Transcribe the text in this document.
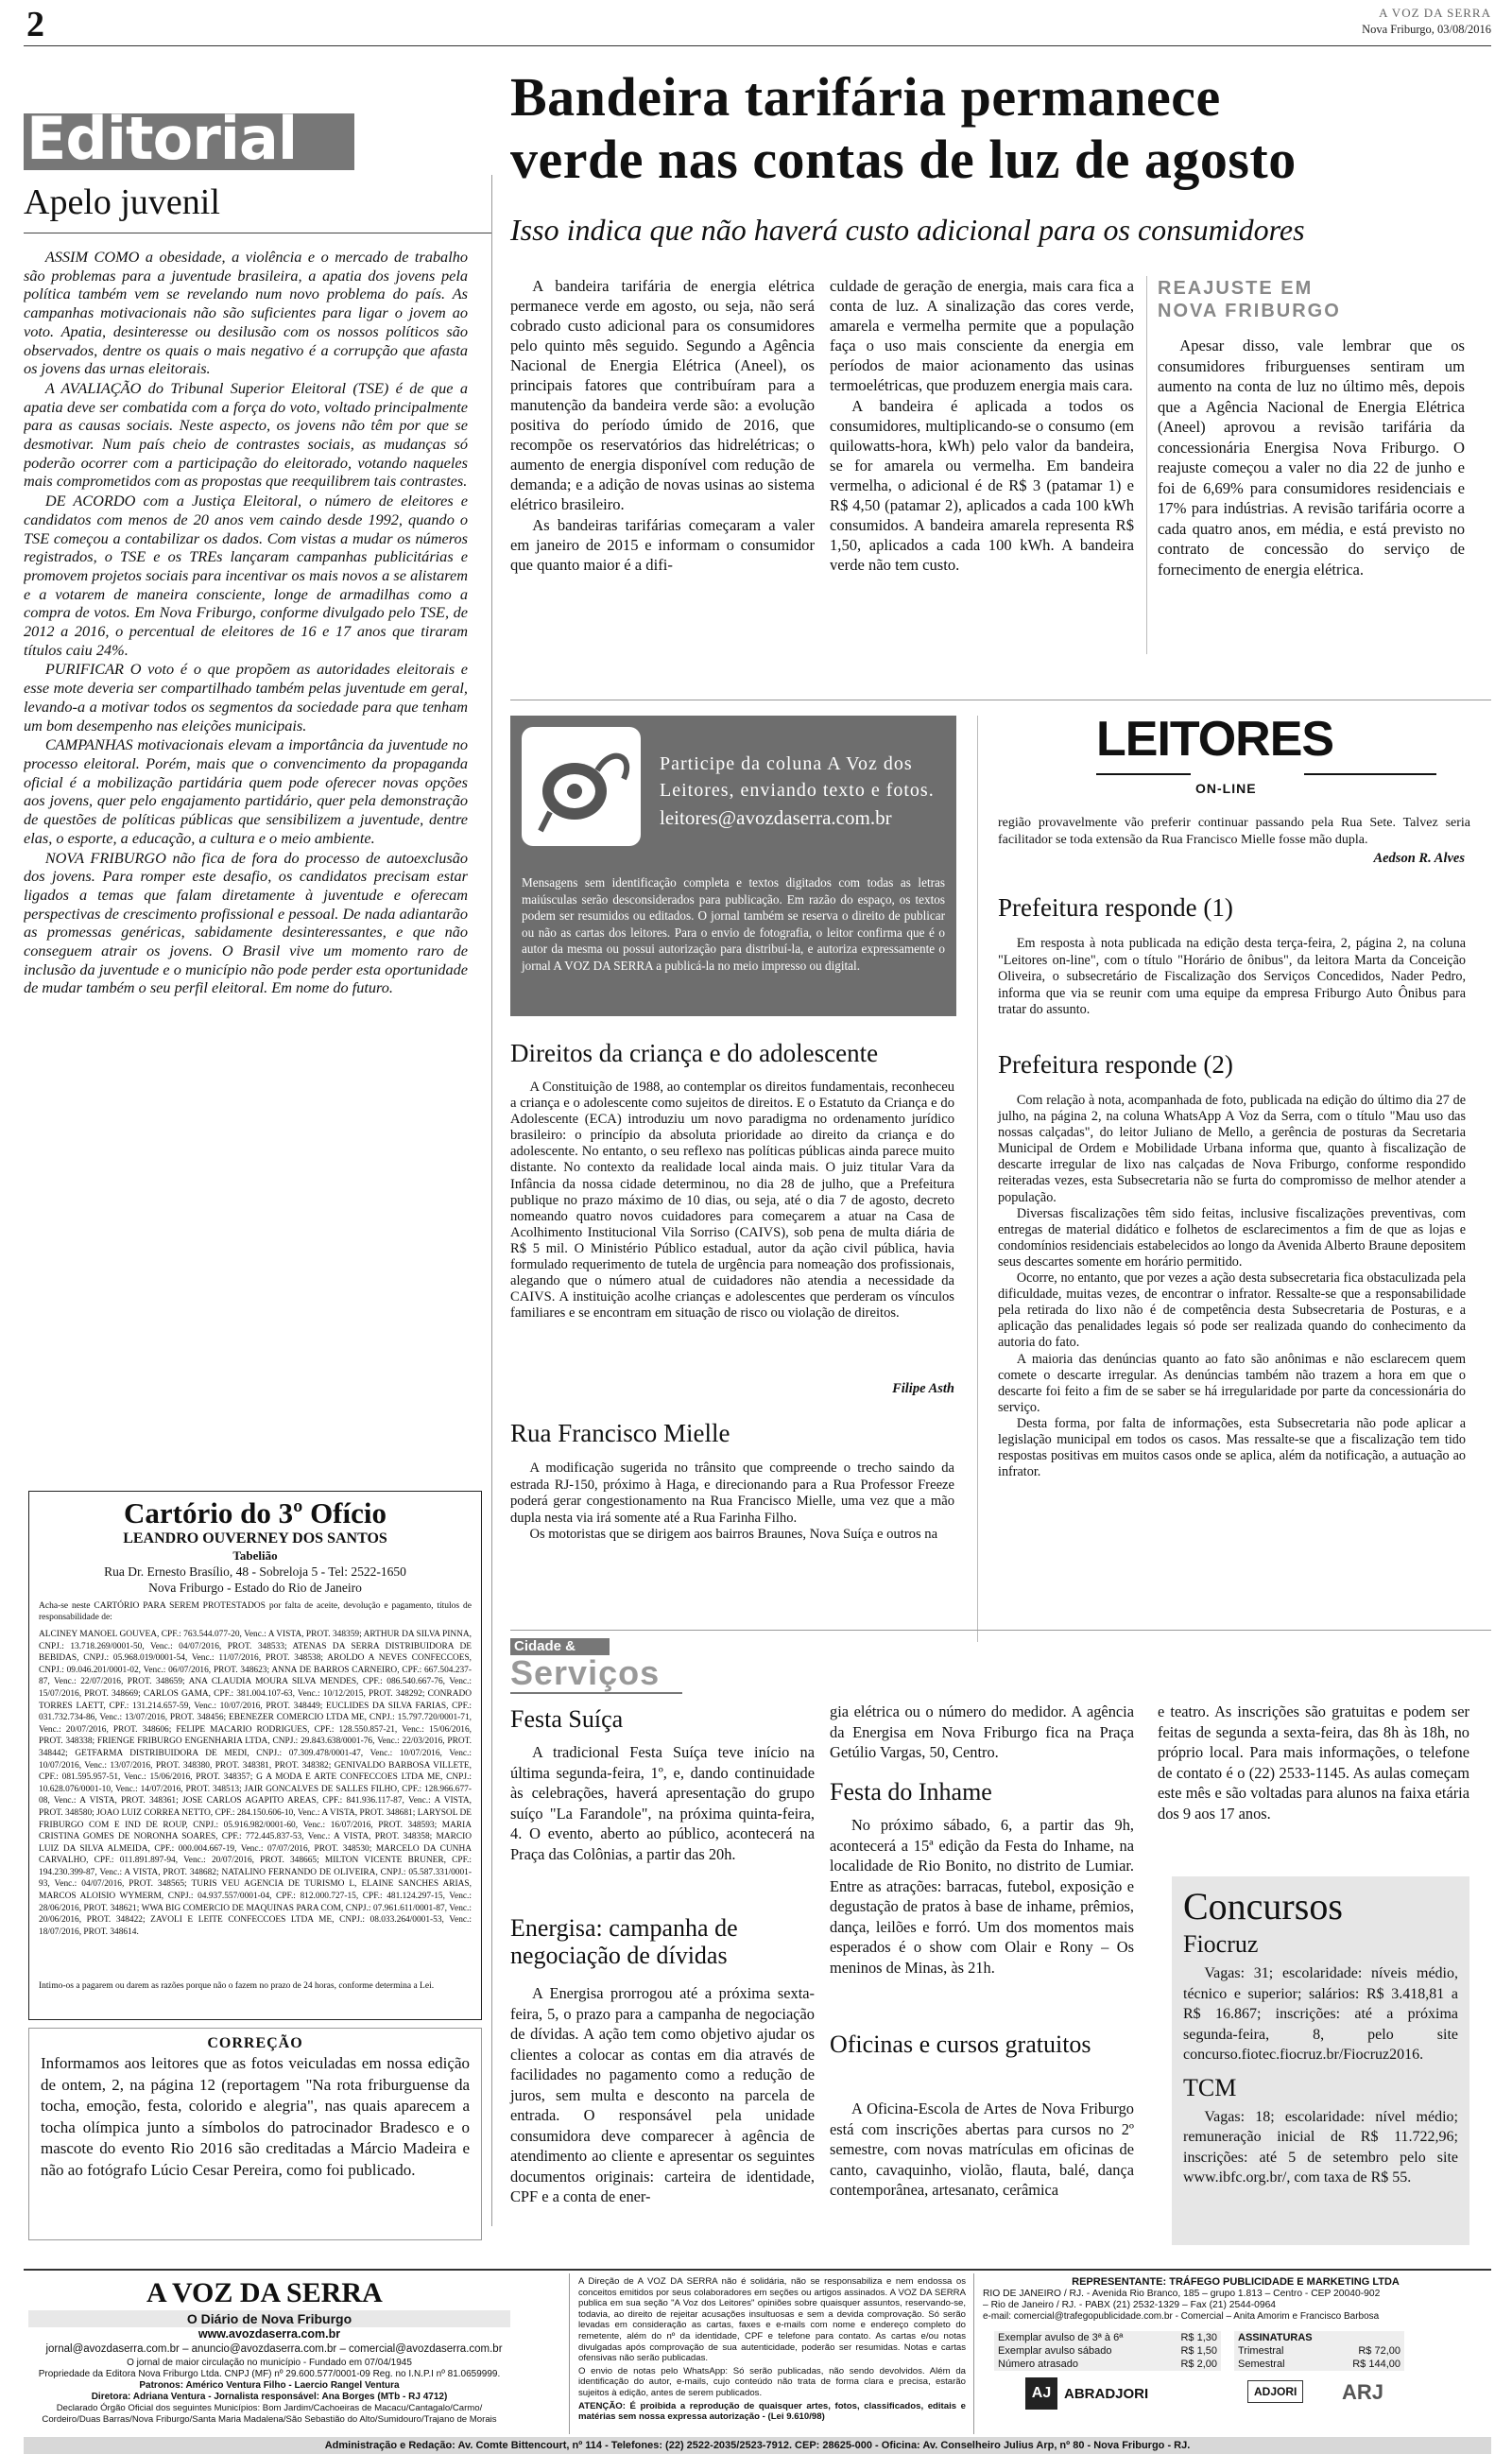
2	A VOZ DA SERRA
Nova Friburgo, 03/08/2016
Editorial
Apelo juvenil

ASSIM COMO a obesidade, a violência e o mercado de trabalho são problemas para a juventude brasileira, a apatia dos jovens pela política também vem se revelando num novo problema do país. As campanhas motivacionais não são suficientes para ligar o jovem ao voto. Apatia, desinteresse ou desilusão com os nossos políticos são observados, dentre os quais o mais negativo é a corrupção que afasta os jovens das urnas eleitorais.

A AVALIAÇÃO do Tribunal Superior Eleitoral (TSE) é de que a apatia deve ser combatida com a força do voto, voltado principalmente para as causas sociais. Neste aspecto, os jovens não têm por que se desmotivar. Num país cheio de contrastes sociais, as mudanças só poderão ocorrer com a participação do eleitorado, votando naqueles mais comprometidos com as propostas que reequilibrem tais contrastes.

DE ACORDO com a Justiça Eleitoral, o número de eleitores e candidatos com menos de 20 anos vem caindo desde 1992, quando o TSE começou a contabilizar os dados. Com vistas a mudar os números registrados, o TSE e os TREs lançaram campanhas publicitárias e promovem projetos sociais para incentivar os mais novos a se alistarem e a votarem de maneira consciente, longe de armadilhas como a compra de votos. Em Nova Friburgo, conforme divulgado pelo TSE, de 2012 a 2016, o percentual de eleitores de 16 e 17 anos que tiraram títulos caiu 24%.

PURIFICAR O voto é o que propõem as autoridades eleitorais e esse mote deveria ser compartilhado também pelas juventude em geral, levando-a a motivar todos os segmentos da sociedade para que tenham um bom desempenho nas eleições municipais.

CAMPANHAS motivacionais elevam a importância da juventude no processo eleitoral. Porém, mais que o convencimento da propaganda oficial é a mobilização partidária quem pode oferecer novas opções aos jovens, quer pelo engajamento partidário, quer pela demonstração de questões de políticas públicas que sensibilizem a juventude, dentre elas, o esporte, a educação, a cultura e o meio ambiente.

NOVA FRIBURGO não fica de fora do processo de autoexclusão dos jovens. Para romper este desafio, os candidatos precisam estar ligados a temas que falam diretamente à juventude e oferecam perspectivas de crescimento profissional e pessoal. De nada adiantarão as promessas genéricas, sabidamente desinteressantes, e que não conseguem atrair os jovens. O Brasil vive um momento raro de inclusão da juventude e o município não pode perder esta oportunidade de mudar também o seu perfil eleitoral. Em nome do futuro.

Cartório do 3º Ofício
LEANDRO OUVERNEY DOS SANTOS
Tabelião
Rua Dr. Ernesto Brasílio, 48 - Sobreloja 5 - Tel: 2522-1650
Nova Friburgo - Estado do Rio de Janeiro
Acha-se neste CARTÓRIO PARA SEREM PROTESTADOS por falta de aceite, devolução e pagamento, títulos de responsabilidade de:
ALCINEY MANOEL GOUVEA, CPF.: 763.544.077-20, Venc.: A VISTA, PROT. 348359; ARTHUR DA SILVA PINNA, CNPJ.: 13.718.269/0001-50, Venc.: 04/07/2016, PROT. 348533; ATENAS DA SERRA DISTRIBUIDORA DE BEBIDAS, CNPJ.: 05.968.019/0001-54, Venc.: 11/07/2016, PROT. 348538; AROLDO A NEVES CONFECCOES, CNPJ.: 09.046.201/0001-02, Venc.: 06/07/2016, PROT. 348623; ANNA DE BARROS CARNEIRO, CPF.: 667.504.237-87, Venc.: 22/07/2016, PROT. 348659; ANA CLAUDIA MOURA SILVA MENDES, CPF.: 086.540.667-76, Venc.: 15/07/2016, PROT. 348669; CARLOS GAMA, CPF.: 381.004.107-63, Venc.: 10/12/2015, PROT. 348292; CONRADO TORRES LAETT, CPF.: 131.214.657-59, Venc.: 10/07/2016, PROT. 348449; EUCLIDES DA SILVA FARIAS, CPF.: 031.732.734-86, Venc.: 13/07/2016, PROT. 348456; EBENEZER COMERCIO LTDA ME, CNPJ.: 15.797.720/0001-71, Venc.: 20/07/2016, PROT. 348606; FELIPE MACARIO RODRIGUES, CPF.: 128.550.857-21, Venc.: 15/06/2016, PROT. 348338; FRIENGE FRIBURGO ENGENHARIA LTDA, CNPJ.: 29.843.638/0001-76, Venc.: 22/03/2016, PROT. 348442; GETFARMA DISTRIBUIDORA DE MEDI, CNPJ.: 07.309.478/0001-47, Venc.: 10/07/2016, Venc.: 10/07/2016, Venc.: 13/07/2016, PROT. 348380, PROT. 348381, PROT. 348382; GENIVALDO BARBOSA VILLETE, CPF.: 081.595.957-51, Venc.: 15/06/2016, PROT. 348357; G A MODA E ARTE CONFECCOES LTDA ME, CNPJ.: 10.628.076/0001-10, Venc.: 14/07/2016, PROT. 348513; JAIR GONCALVES DE SALLES FILHO, CPF.: 128.966.677-08, Venc.: A VISTA, PROT. 348361; JOSE CARLOS AGAPITO AREAS, CPF.: 841.936.117-87, Venc.: A VISTA, PROT. 348580; JOAO LUIZ CORREA NETTO, CPF.: 284.150.606-10, Venc.: A VISTA, PROT. 348681; LARYSOL DE FRIBURGO COM E IND DE ROUP, CNPJ.: 05.916.982/0001-60, Venc.: 16/07/2016, PROT. 348593; MARIA CRISTINA GOMES DE NORONHA SOARES, CPF.: 772.445.837-53, Venc.: A VISTA, PROT. 348358; MARCIO LUIZ DA SILVA ALMEIDA, CPF.: 000.004.667-19, Venc.: 07/07/2016, PROT. 348530; MARCELO DA CUNHA CARVALHO, CPF.: 011.891.897-94, Venc.: 20/07/2016, PROT. 348665; MILTON VICENTE BRUNER, CPF.: 194.230.399-87, Venc.: A VISTA, PROT. 348682; NATALINO FERNANDO DE OLIVEIRA, CNPJ.: 05.587.331/0001-93, Venc.: 04/07/2016, PROT. 348565; TURIS VEU AGENCIA DE TURISMO L, ELAINE SANCHES ARIAS, MARCOS ALOISIO WYMERM, CNPJ.: 04.937.557/0001-04, CPF.: 812.000.727-15, CPF.: 481.124.297-15, Venc.: 28/06/2016, PROT. 348621; WWA BIG COMERCIO DE MAQUINAS PARA COM, CNPJ.: 07.961.611/0001-87, Venc.: 20/06/2016, PROT. 348422; ZAVOLI E LEITE CONFECCOES LTDA ME, CNPJ.: 08.033.264/0001-53, Venc.: 18/07/2016, PROT. 348614.
Intimo-os a pagarem ou darem as razões porque não o fazem no prazo de 24 horas, conforme determina a Lei.
CORREÇÃO
Informamos aos leitores que as fotos veiculadas em nossa edição de ontem, 2, na página 12 (reportagem "Na rota friburguense da tocha, emoção, festa, colorido e alegria", nas quais aparecem a tocha olímpica junto a símbolos do patrocinador Bradesco e o mascote do evento Rio 2016 são creditadas a Márcio Madeira e não ao fotógrafo Lúcio Cesar Pereira, como foi publicado.
Bandeira tarifária permanece
verde nas contas de luz de agosto
Isso indica que não haverá custo adicional para os consumidores

A bandeira tarifária de energia elétrica permanece verde em agosto, ou seja, não será cobrado custo adicional para os consumidores pelo quinto mês seguido. Segundo a Agência Nacional de Energia Elétrica (Aneel), os principais fatores que contribuíram para a manutenção da bandeira verde são: a evolução positiva do período úmido de 2016, que recompõe os reservatórios das hidrelétricas; o aumento de energia disponível com redução de demanda; e a adição de novas usinas ao sistema elétrico brasileiro.

As bandeiras tarifárias começaram a valer em janeiro de 2015 e informam o consumidor que quanto maior é a difi-

culdade de geração de energia, mais cara fica a conta de luz. A sinalização das cores verde, amarela e vermelha permite que a população faça o uso mais consciente da energia em períodos de maior acionamento das usinas termoelétricas, que produzem energia mais cara.

A bandeira é aplicada a todos os consumidores, multiplicando-se o consumo (em quilowatts-hora, kWh) pelo valor da bandeira, se for amarela ou vermelha. Em bandeira vermelha, o adicional é de R$ 3 (patamar 1) e R$ 4,50 (patamar 2), aplicados a cada 100 kWh consumidos. A bandeira amarela representa R$ 1,50, aplicados a cada 100 kWh. A bandeira verde não tem custo.

REAJUSTE EM
NOVA FRIBURGO

Apesar disso, vale lembrar que os consumidores friburguenses sentiram um aumento na conta de luz no último mês, depois que a Agência Nacional de Energia Elétrica (Aneel) aprovou a revisão tarifária da concessionária Energisa Nova Friburgo. O reajuste começou a valer no dia 22 de junho e foi de 6,69% para consumidores residenciais e 17% para indústrias. A revisão tarifária ocorre a cada quatro anos, em média, e está previsto no contrato de concessão do serviço de fornecimento de energia elétrica.

Participe da coluna A Voz dos
Leitores, enviando texto e fotos.
leitores@avozdaserra.com.br
Mensagens sem identificação completa e textos digitados com todas as letras maiúsculas serão desconsiderados para publicação. Em razão do espaço, os textos podem ser resumidos ou editados. O jornal também se reserva o direito de publicar ou não as cartas dos leitores. Para o envio de fotografia, o leitor confirma que é o autor da mesma ou possui autorização para distribuí-la, e autoriza expressamente o jornal A VOZ DA SERRA a publicá-la no meio impresso ou digital.
Direitos da criança e do adolescente

A Constituição de 1988, ao contemplar os direitos fundamentais, reconheceu a criança e o adolescente como sujeitos de direitos. E o Estatuto da Criança e do Adolescente (ECA) introduziu um novo paradigma no ordenamento jurídico brasileiro: o princípio da absoluta prioridade ao direito da criança e do adolescente. No entanto, o seu reflexo nas políticas públicas ainda parece muito distante. No contexto da realidade local ainda mais. O juiz titular Vara da Infância da nossa cidade determinou, no dia 28 de julho, que a Prefeitura publique no prazo máximo de 10 dias, ou seja, até o dia 7 de agosto, decreto nomeando quatro novos cuidadores para começarem a atuar na Casa de Acolhimento Institucional Vila Sorriso (CAIVS), sob pena de multa diária de R$ 5 mil. O Ministério Público estadual, autor da ação civil pública, havia formulado requerimento de tutela de urgência para nomeação dos profissionais, alegando que o número atual de cuidadores não atendia a necessidade da CAIVS. A instituição acolhe crianças e adolescentes que perderam os vínculos familiares e se encontram em situação de risco ou violação de direitos.

Filipe Asth
Rua Francisco Mielle

A modificação sugerida no trânsito que compreende o trecho saindo da estrada RJ-150, próximo à Haga, e direcionando para a Rua Professor Freeze poderá gerar congestionamento na Rua Francisco Mielle, uma vez que a mão dupla nesta via irá somente até a Rua Farinha Filho.

Os motoristas que se dirigem aos bairros Braunes, Nova Suíça e outros na

LEITORES
ON-LINE
região provavelmente vão preferir continuar passando pela Rua Sete. Talvez seria facilitador se toda extensão da Rua Francisco Mielle fosse mão dupla.
Aedson R. Alves
Prefeitura responde (1)

Em resposta à nota publicada na edição desta terça-feira, 2, página 2, na coluna "Leitores on-line", com o título "Horário de ônibus", da leitora Marta da Conceição Oliveira, o subsecretário de Fiscalização dos Serviços Concedidos, Nader Pedro, informa que via se reunir com uma equipe da empresa Friburgo Auto Ônibus para tratar do assunto.

Prefeitura responde (2)

Com relação à nota, acompanhada de foto, publicada na edição do último dia 27 de julho, na página 2, na coluna WhatsApp A Voz da Serra, com o título "Mau uso das nossas calçadas", do leitor Juliano de Mello, a gerência de posturas da Secretaria Municipal de Ordem e Mobilidade Urbana informa que, quanto à fiscalização de descarte irregular de lixo nas calçadas de Nova Friburgo, conforme respondido reiteradas vezes, esta Subsecretaria não se furta do compromisso de melhor atender a população.

Diversas fiscalizações têm sido feitas, inclusive fiscalizações preventivas, com entregas de material didático e folhetos de esclarecimentos a fim de que as lojas e condomínios residenciais estabelecidos ao longo da Avenida Alberto Braune depositem seus descartes somente em horário permitido.

Ocorre, no entanto, que por vezes a ação desta subsecretaria fica obstaculizada pela dificuldade, muitas vezes, de encontrar o infrator. Ressalte-se que a responsabilidade pela retirada do lixo não é de competência desta Subsecretaria de Posturas, e a aplicação das penalidades legais só pode ser realizada quando do conhecimento da autoria do fato.

A maioria das denúncias quanto ao fato são anônimas e não esclarecem quem comete o descarte irregular. As denúncias também não trazem a hora em que o descarte foi feito a fim de se saber se há irregularidade por parte da concessionária do serviço.

Desta forma, por falta de informações, esta Subsecretaria não pode aplicar a legislação municipal em todos os casos. Mas ressalte-se que a fiscalização tem tido respostas positivas em muitos casos onde se aplica, além da notificação, a autuação ao infrator.

Cidade &
Serviços
Festa Suíça

A tradicional Festa Suíça teve início na última segunda-feira, 1º, e, dando continuidade às celebrações, haverá apresentação do grupo suíço "La Farandole", na próxima quinta-feira, 4. O evento, aberto ao público, acontecerá na Praça das Colônias, a partir das 20h.

Energisa: campanha de negociação de dívidas

A Energisa prorrogou até a próxima sexta-feira, 5, o prazo para a campanha de negociação de dívidas. A ação tem como objetivo ajudar os clientes a colocar as contas em dia através de facilidades no pagamento como a redução de juros, sem multa e desconto na parcela de entrada. O responsável pela unidade consumidora deve comparecer à agência de atendimento ao cliente e apresentar os seguintes documentos originais: carteira de identidade, CPF e a conta de ener-

gia elétrica ou o número do medidor. A agência da Energisa em Nova Friburgo fica na Praça Getúlio Vargas, 50, Centro.

Festa do Inhame

No próximo sábado, 6, a partir das 9h, acontecerá a 15ª edição da Festa do Inhame, na localidade de Rio Bonito, no distrito de Lumiar. Entre as atrações: barracas, futebol, exposição e degustação de pratos à base de inhame, prêmios, dança, leilões e forró. Um dos momentos mais esperados é o show com Olair e Rony – Os meninos de Minas, às 21h.

Oficinas e cursos gratuitos

A Oficina-Escola de Artes de Nova Friburgo está com inscrições abertas para cursos no 2º semestre, com novas matrículas em oficinas de canto, cavaquinho, violão, flauta, balé, dança contemporânea, artesanato, cerâmica

e teatro. As inscrições são gratuitas e podem ser feitas de segunda a sexta-feira, das 8h às 18h, no próprio local. Para mais informações, o telefone de contato é o (22) 2533-1145. As aulas começam este mês e são voltadas para alunos na faixa etária dos 9 aos 17 anos.

Concursos
Fiocruz

Vagas: 31; escolaridade: níveis médio, técnico e superior; salários: R$ 3.418,81 a R$ 16.867; inscrições: até a próxima segunda-feira, 8, pelo site concurso.fiotec.fiocruz.br/Fiocruz2016.

TCM

Vagas: 18; escolaridade: nível médio; remuneração inicial de R$ 11.722,96; inscrições: até 5 de setembro pelo site www.ibfc.org.br/, com taxa de R$ 55.

A VOZ DA SERRA
O Diário de Nova Friburgo
www.avozdaserra.com.br
jornal@avozdaserra.com.br – anuncio@avozdaserra.com.br – comercial@avozdaserra.com.br
O jornal de maior circulação no município - Fundado em 07/04/1945
Propriedade da Editora Nova Friburgo Ltda. CNPJ (MF) nº 29.600.577/0001-09 Reg. no I.N.P.I nº 81.0659999.
Patronos: Américo Ventura Filho - Laercio Rangel Ventura
Diretora: Adriana Ventura - Jornalista responsável: Ana Borges (MTb - RJ 4712)
Declarado Órgão Oficial dos seguintes Municípios: Bom Jardim/Cachoeiras de Macacu/Cantagalo/Carmo/ Cordeiro/Duas Barras/Nova Friburgo/Santa Maria Madalena/São Sebastião do Alto/Sumidouro/Trajano de Morais

A Direção de A VOZ DA SERRA não é solidária, não se responsabiliza e nem endossa os conceitos emitidos por seus colaboradores em seções ou artigos assinados. A VOZ DA SERRA publica em sua seção "A Voz dos Leitores" opiniões sobre quaisquer assuntos, reservando-se, todavia, ao direito de rejeitar acusações insultuosas e sem a devida comprovação. Só serão levadas em consideração as cartas, faxes e e-mails com nome e endereço completo do remetente, além do nº da identidade, CPF e telefone para contato. As cartas e/ou notas divulgadas após comprovação de sua autenticidade, poderão ser resumidas. Notas e cartas ofensivas não serão publicadas.

O envio de notas pelo WhatsApp: Só serão publicadas, não sendo devolvidos. Além da identificação do autor, e-mails, cujo conteúdo não trata de forma clara e precisa, estarão sujeitos à edição, antes de serem publicados.

ATENÇÃO: É proibida a reprodução de quaisquer artes, fotos, classificados, editais e matérias sem nossa expressa autorização - (Lei 9.610/98)

REPRESENTANTE: TRÁFEGO PUBLICIDADE E MARKETING LTDA
RIO DE JANEIRO / RJ. - Avenida Rio Branco, 185 – grupo 1.813 – Centro - CEP 20040-902
– Rio de Janeiro / RJ. - PABX (21) 2532-1329 – Fax (21) 2544-0964
e-mail: comercial@trafegopublicidade.com.br - Comercial – Anita Amorim e Francisco Barbosa
Exemplar avulso de 3ª à 6ª	R$ 1,30
Exemplar avulso sábado	R$ 1,50
Número atrasado	R$ 2,00
ASSINATURAS
Trimestral	R$ 72,00
Semestral	R$ 144,00
AJ ABRADJORI	ADJORI	ARJ
Administração e Redação: Av. Comte Bittencourt, nº 114 - Telefones: (22) 2522-2035/2523-7912. CEP: 28625-000 - Oficina: Av. Conselheiro Julius Arp, nº 80 - Nova Friburgo - RJ.
